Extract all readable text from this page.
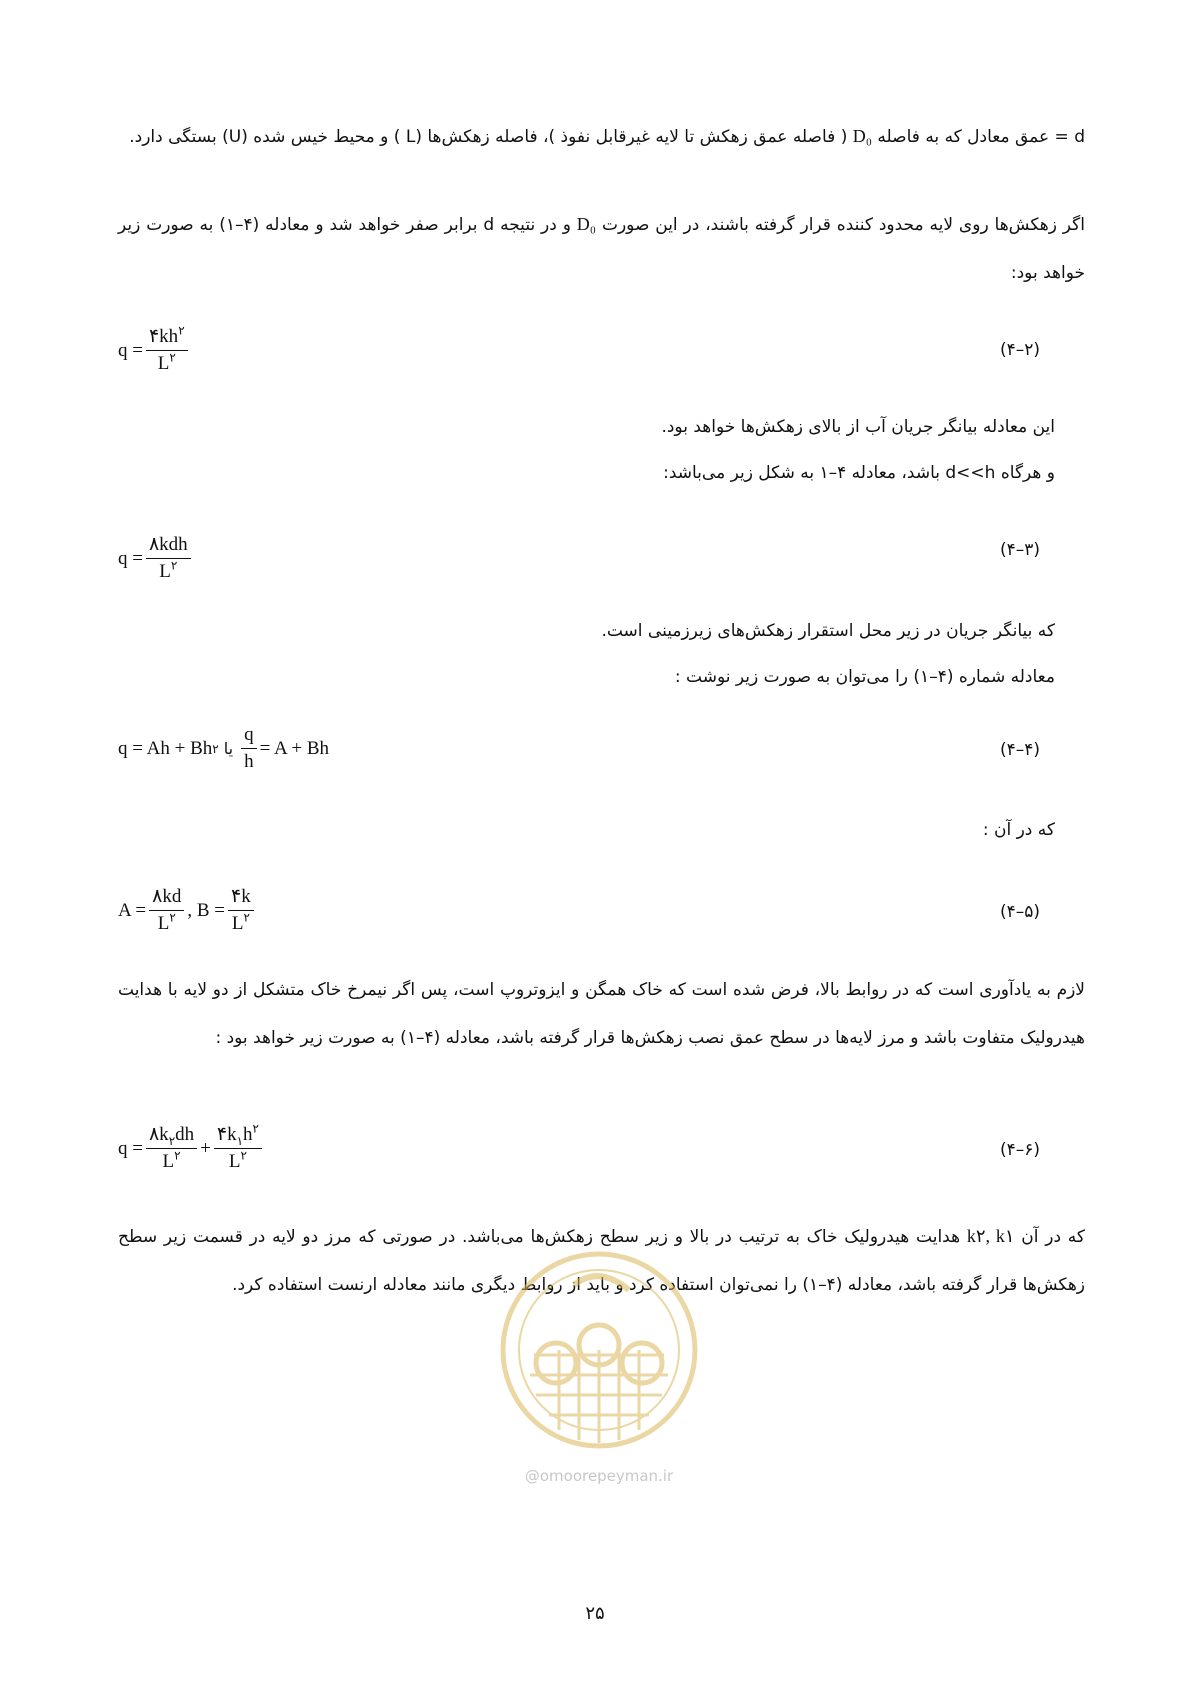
d = عمق معادل که به فاصله D₀ ( فاصله عمق زهکش تا لایه غیرقابل نفوذ )، فاصله زهکش‌ها (L ) و محیط خیس شده (U) بستگی دارد.

اگر زهکش‌ها روی لایه محدود کننده قرار گرفته باشند، در این صورت D₀ و در نتیجه d برابر صفر خواهد شد و معادله (۴–۱) به صورت زیر خواهد بود:

$q = \frac{۴kh^۲}{L^۲}$	(۴–۲)

این معادله بیانگر جریان آب از بالای زهکش‌ها خواهد بود.

و هرگاه d<<h باشد، معادله ۴–۱ به شکل زیر می‌باشد:

$q = \frac{\text{۸kdh}}{L^۲}$	(۴–۳)

که بیانگر جریان در زیر محل استقرار زهکش‌های زیرزمینی است.

معادله شماره (۴–۱) را می‌توان به صورت زیر نوشت :

q = Ah + Bh ۲ یا $\frac{q}{h} = A + Bh$	(۴–۴)

که در آن :

$A = \frac{۸kd}{L^۲}$ , $B = \frac{۴k}{L^۲}$	(۴–۵)

لازم به یادآوری است که در روابط بالا، فرض شده است که خاک همگن و ایزوتروپ است، پس اگر نیمرخ خاک متشکل از دو لایه با هدایت هیدرولیک متفاوت باشد و مرز لایه‌ها در سطح عمق نصب زهکش‌ها قرار گرفته باشد، معادله (۴–۱) به صورت زیر خواهد بود :

$q = \frac{۸k_۲dh}{L^۲} + \frac{۴k_۱h^۲}{L^۲}$	(۴–۶)

که در آن k۲, k۱ هدایت هیدرولیک خاک به ترتیب در بالا و زیر سطح زهکش‌ها می‌باشد. در صورتی که مرز دو لایه در قسمت زیر سطح زهکش‌ها قرار گرفته باشد، معادله (۴–۱) را نمی‌توان استفاده کرد و باید از روابط دیگری مانند معادله ارنست استفاده کرد.

@omoorepeyman.ir
۲۵
